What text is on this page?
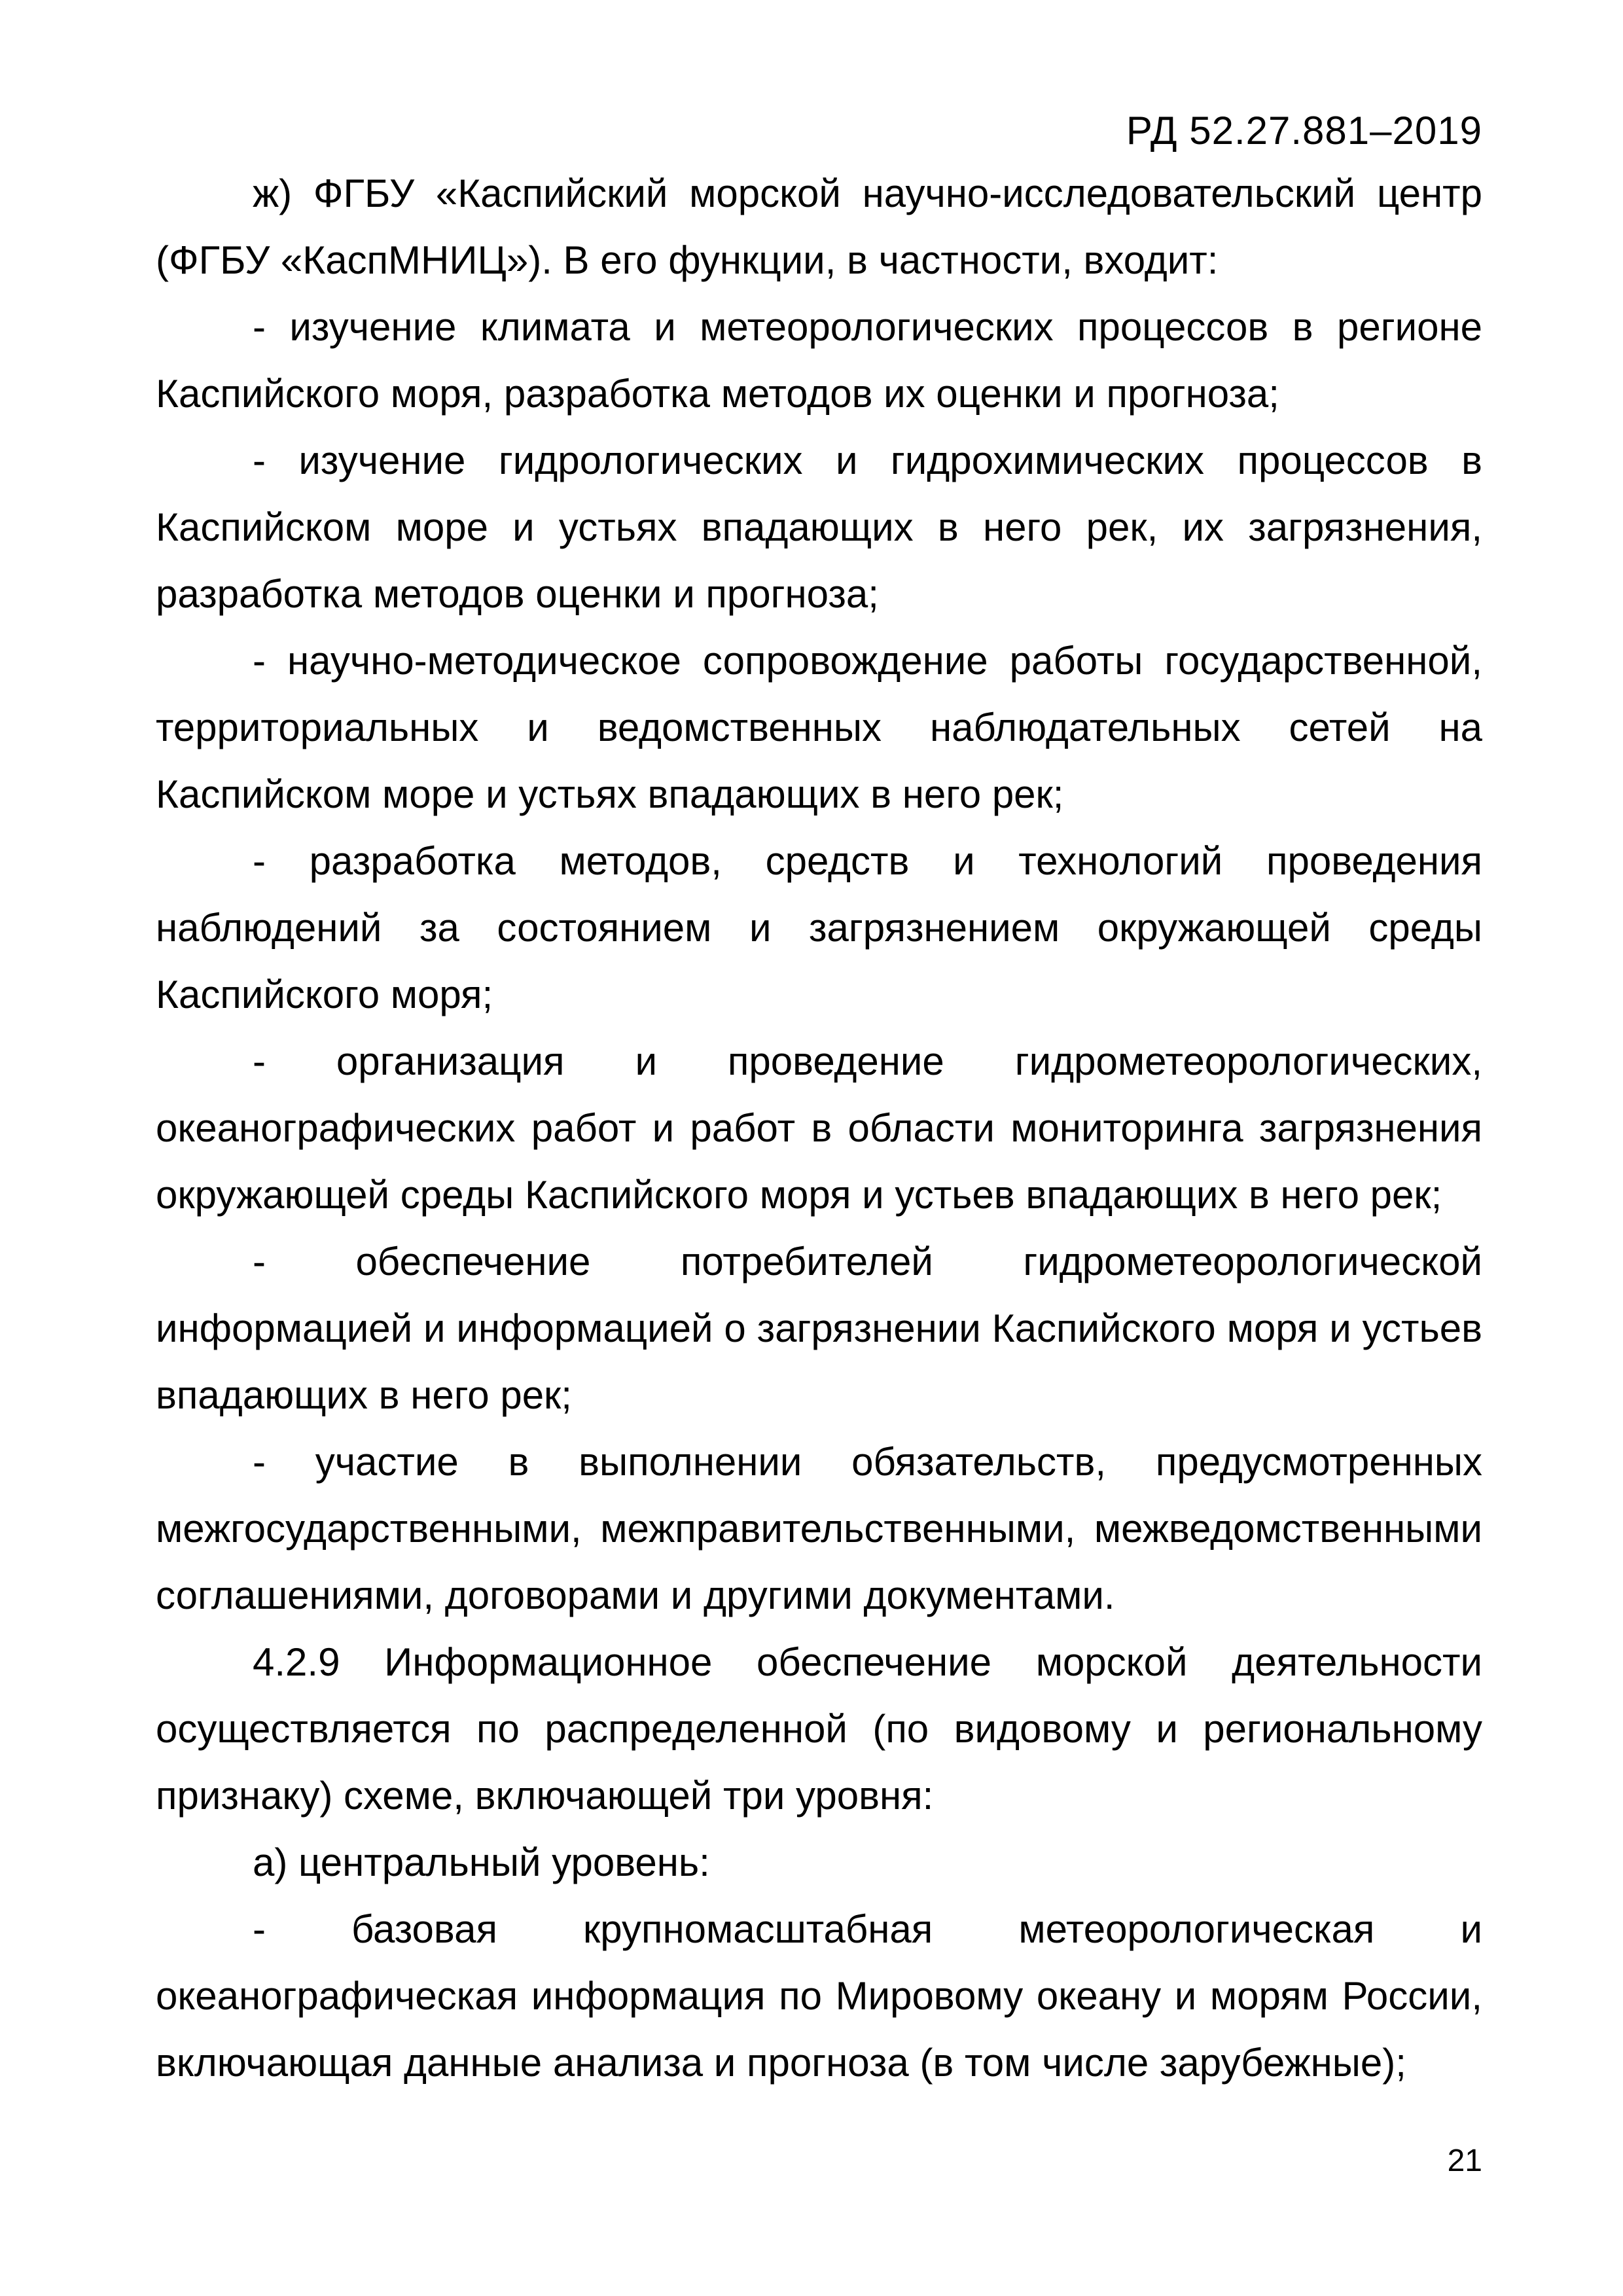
РД 52.27.881–2019

ж) ФГБУ «Каспийский морской научно-исследовательский центр (ФГБУ «КаспМНИЦ»). В его функции, в частности, входит:

- изучение климата и метеорологических процессов в регионе Каспийского моря, разработка методов их оценки и прогноза;

- изучение гидрологических и гидрохимических процессов в Каспийском море и устьях впадающих в него рек, их загрязнения, разработка методов оценки и прогноза;

- научно-методическое сопровождение работы государственной, территориальных и ведомственных наблюдательных сетей на Каспийском море и устьях впадающих в него рек;

- разработка методов, средств и технологий проведения наблюдений за состоянием и загрязнением окружающей среды Каспийского моря;

- организация и проведение гидрометеорологических, океанографических работ и работ в области мониторинга загрязнения окружающей среды Каспийского моря и устьев впадающих в него рек;

- обеспечение потребителей гидрометеорологической информацией и информацией о загрязнении Каспийского моря и устьев впадающих в него рек;

- участие в выполнении обязательств, предусмотренных межгосударственными, межправительственными, межведомственными соглашениями, договорами и другими документами.

4.2.9 Информационное обеспечение морской деятельности осуществляется по распределенной (по видовому и региональному признаку) схеме, включающей три уровня:

а) центральный уровень:

- базовая крупномасштабная метеорологическая и океанографическая информация по Мировому океану и морям России, включающая данные анализа и прогноза (в том числе зарубежные);

21
